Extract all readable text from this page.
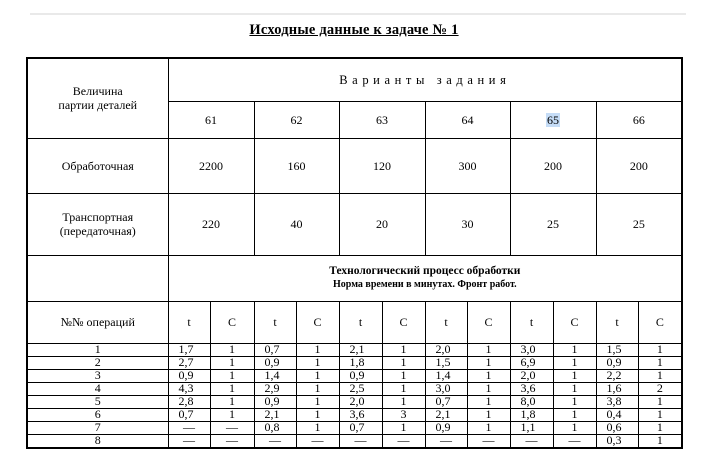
Исходные данные к задаче № 1
Величина
партии деталей	Варианты задания											
	61		62		63		64		65		66	
Обработочная	2200		160		120		300		200		200	

Транспортная
(передаточная)	220		40		20		30		25		25	

	Технологический процесс обработки
Норма времени в минутах. Фронт работ.											

№№ операций	t	C	t	C	t	C	t	C	t	C	t	C
1	1,7	1	0,7	1	2,1	1	2,0	1	3,0	1	1,5	1
2	2,7	1	0,9	1	1,8	1	1,5	1	6,9	1	0,9	1
3	0,9	1	1,4	1	0,9	1	1,4	1	2,0	1	2,2	1
4	4,3	1	2,9	1	2,5	1	3,0	1	3,6	1	1,6	2
5	2,8	1	0,9	1	2,0	1	0,7	1	8,0	1	3,8	1
6	0,7	1	2,1	1	3,6	3	2,1	1	1,8	1	0,4	1
7	—	—	0,8	1	0,7	1	0,9	1	1,1	1	0,6	1
8	—	—	—	—	—	—	—	—	—	—	0,3	1
